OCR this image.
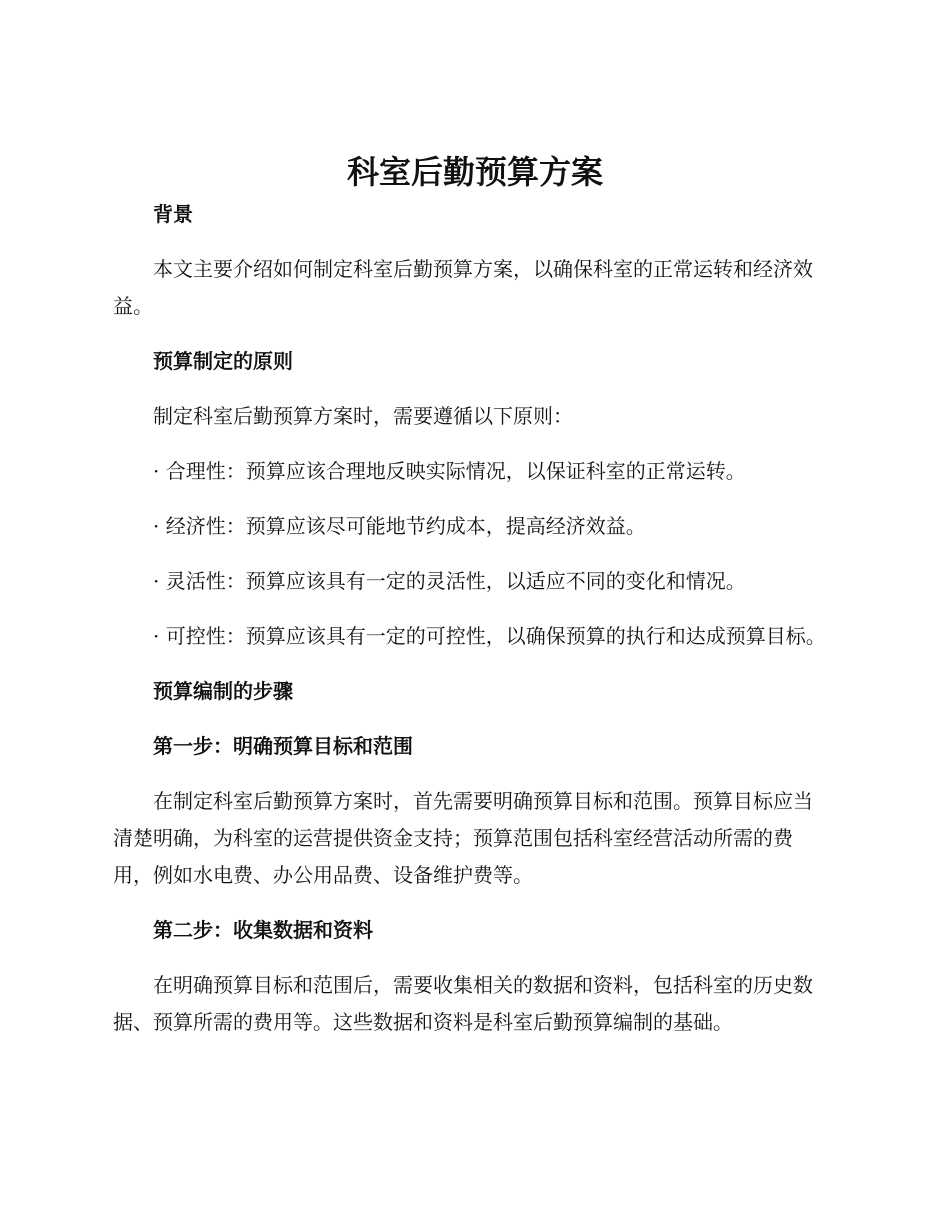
科室后勤预算方案
背景

本文主要介绍如何制定科室后勤预算方案，以确保科室的正常运转和经济效益。

预算制定的原则

制定科室后勤预算方案时，需要遵循以下原则：

· 合理性：预算应该合理地反映实际情况，以保证科室的正常运转。

· 经济性：预算应该尽可能地节约成本，提高经济效益。

· 灵活性：预算应该具有一定的灵活性，以适应不同的变化和情况。

· 可控性：预算应该具有一定的可控性，以确保预算的执行和达成预算目标。

预算编制的步骤
第一步：明确预算目标和范围

在制定科室后勤预算方案时，首先需要明确预算目标和范围。预算目标应当清楚明确，为科室的运营提供资金支持；预算范围包括科室经营活动所需的费用，例如水电费、办公用品费、设备维护费等。

第二步：收集数据和资料

在明确预算目标和范围后，需要收集相关的数据和资料，包括科室的历史数据、预算所需的费用等。这些数据和资料是科室后勤预算编制的基础。
